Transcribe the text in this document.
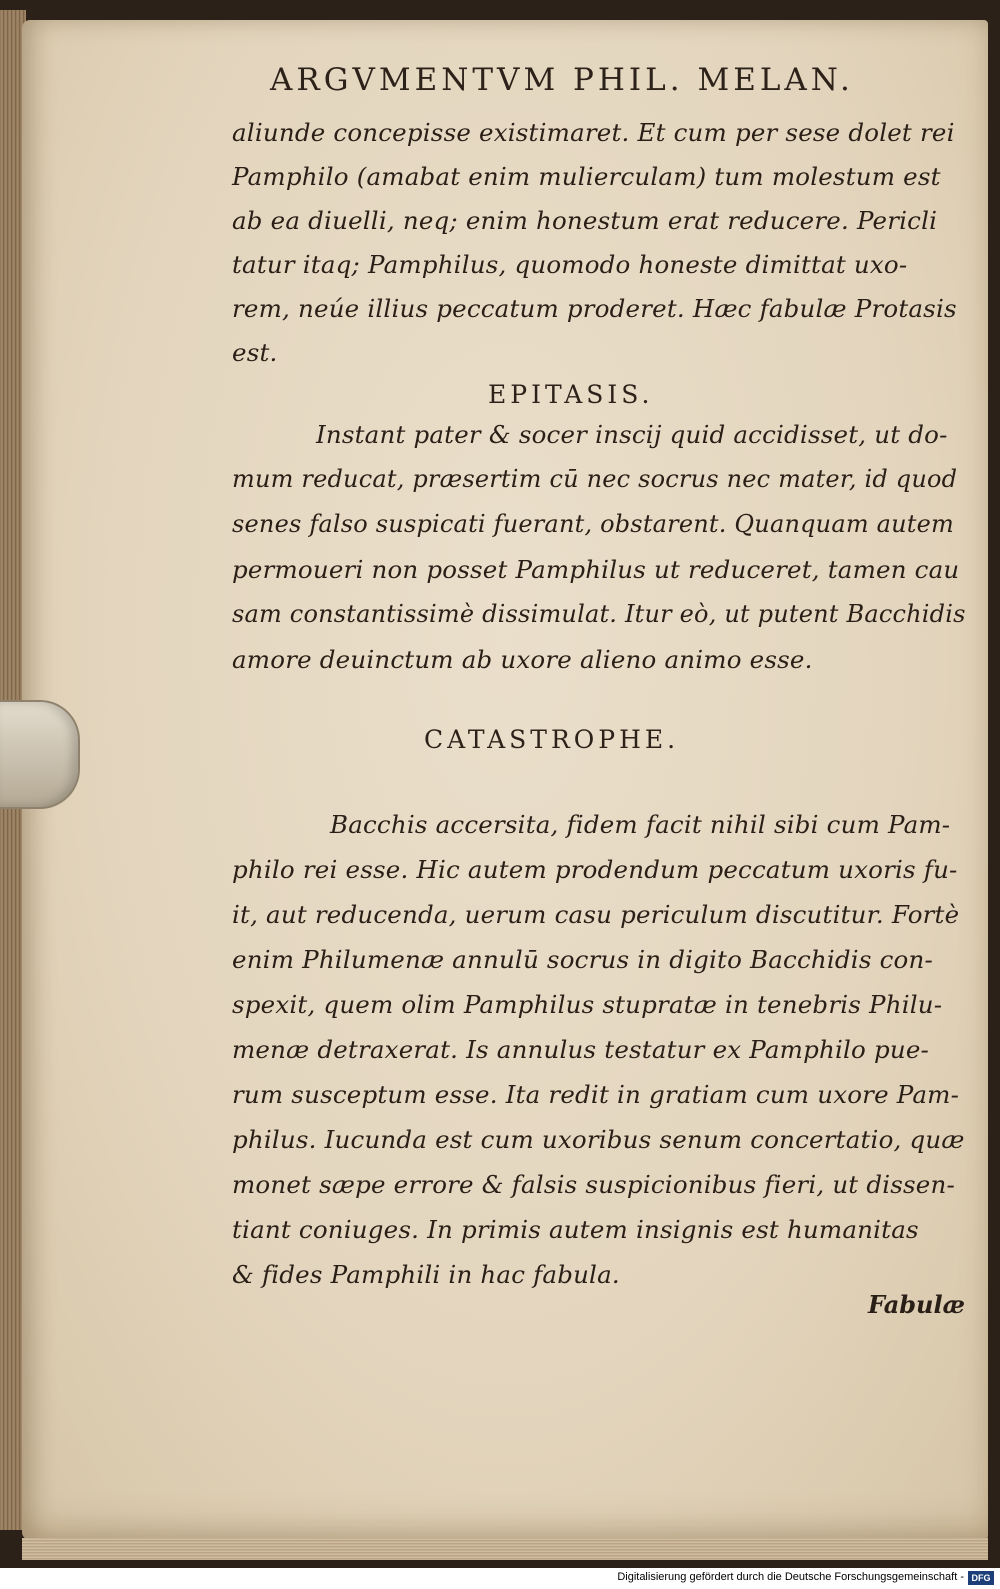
ARGVMENTVM PHIL. MELAN.
aliunde concepisse existimaret. Et cum per sese dolet rei
Pamphilo (amabat enim mulierculam) tum molestum est
ab ea diuelli, neq; enim honestum erat reducere. Pericli
tatur itaq; Pamphilus, quomodo honeste dimittat uxo-
rem, neúe illius peccatum proderet. Hæc fabulæ Protasis
est.
EPITASIS.
Instant pater & socer inscij quid accidisset, ut do-
mum reducat, præsertim cū nec socrus nec mater, id quod
senes falso suspicati fuerant, obstarent. Quanquam autem
permoueri non posset Pamphilus ut reduceret, tamen cau
sam constantissimè dissimulat. Itur eò, ut putent Bacchidis
amore deuinctum ab uxore alieno animo esse.
CATASTROPHE.
Bacchis accersita, fidem facit nihil sibi cum Pam-
philo rei esse. Hic autem prodendum peccatum uxoris fu-
it, aut reducenda, uerum casu periculum discutitur. Fortè
enim Philumenæ annulū socrus in digito Bacchidis con-
spexit, quem olim Pamphilus stupratæ in tenebris Philu-
menæ detraxerat. Is annulus testatur ex Pamphilo pue-
rum susceptum esse. Ita redit in gratiam cum uxore Pam-
philus. Iucunda est cum uxoribus senum concertatio, quæ
monet sæpe errore & falsis suspicionibus fieri, ut dissen-
tiant coniuges. In primis autem insignis est humanitas
& fides Pamphili in hac fabula.
Fabulæ
Digitalisierung gefördert durch die Deutsche Forschungsgemeinschaft - DFG
